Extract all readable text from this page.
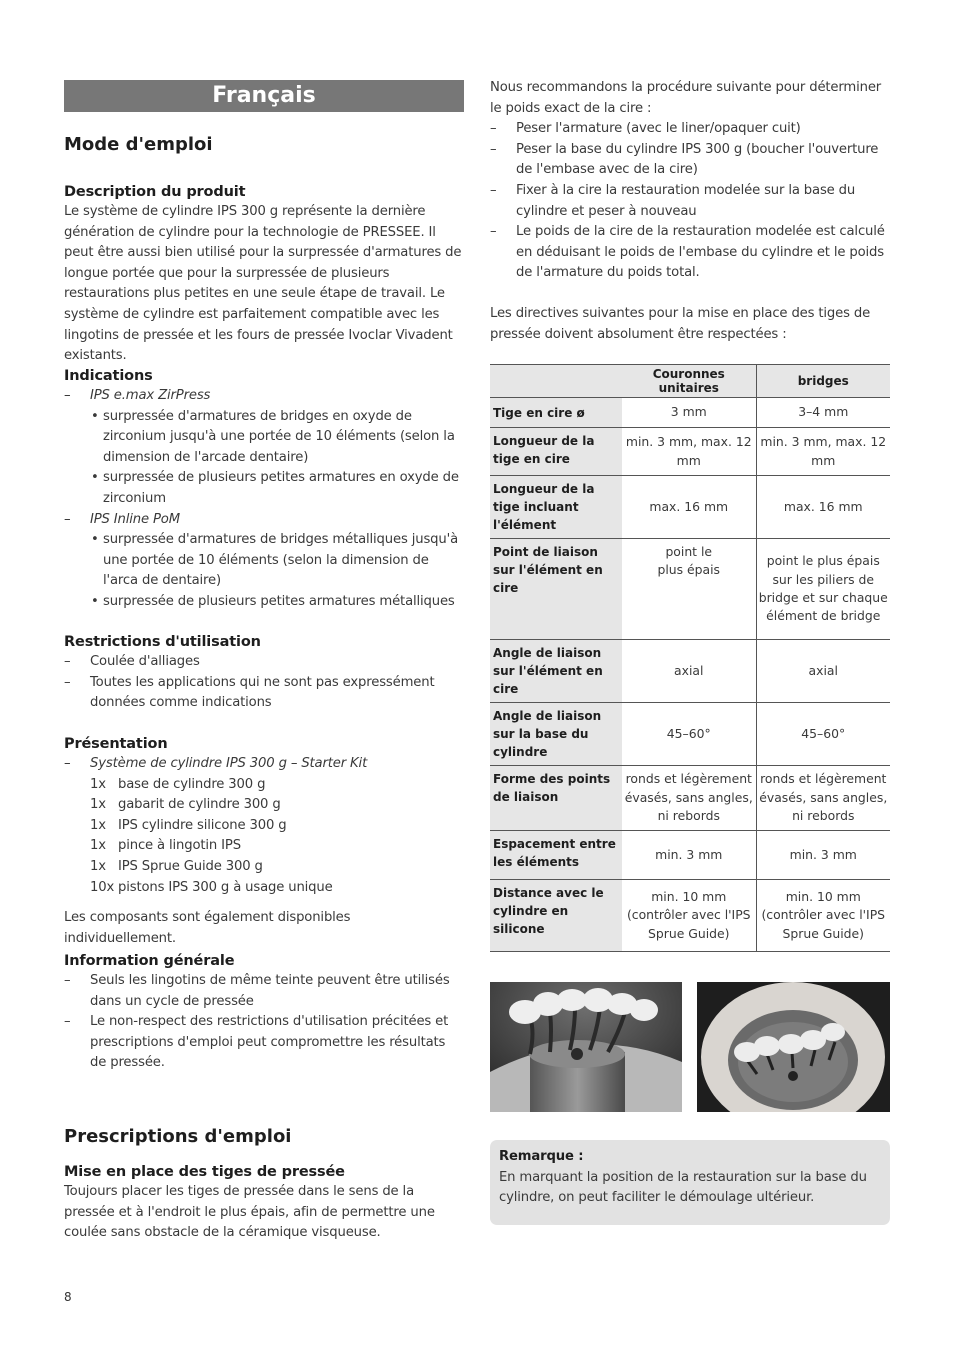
Français
Mode d'emploi
Description du produit

Le système de cylindre IPS 300 g représente la dernière génération de cylindre pour la technologie de PRESSEE. Il peut être aussi bien utilisé pour la surpressée d'armatures de longue portée que pour la surpressée de plusieurs restaurations plus petites en une seule étape de travail. Le système de cylindre est parfaitement compatible avec les lingotins de pressée et les fours de pressée Ivoclar Vivadent existants.

Indications
– IPS e.max ZirPress
• surpressée d'armatures de bridges en oxyde de zirconium jusqu'à une portée de 10 éléments (selon la dimension de l'arcade dentaire)
• surpressée de plusieurs petites armatures en oxyde de zirconium
– IPS Inline PoM
• surpressée d'armatures de bridges métalliques jusqu'à une portée de 10 éléments (selon la dimension de l'arca de dentaire)
• surpressée de plusieurs petites armatures métalliques
Restrictions d'utilisation
– Coulée d'alliages
– Toutes les applications qui ne sont pas expressément données comme indications
Présentation
– Système de cylindre IPS 300 g – Starter Kit
1x base de cylindre 300 g
1x gabarit de cylindre 300 g
1x IPS cylindre silicone 300 g
1x pince à lingotin IPS
1x IPS Sprue Guide 300 g
10x pistons IPS 300 g à usage unique

Les composants sont également disponibles individuellement.

Information générale
– Seuls les lingotins de même teinte peuvent être utilisés dans un cycle de pressée
– Le non-respect des restrictions d'utilisation précitées et prescriptions d'emploi peut compromettre les résultats de pressée.
Prescriptions d'emploi
Mise en place des tiges de pressée

Toujours placer les tiges de pressée dans le sens de la pressée et à l'endroit le plus épais, afin de permettre une coulée sans obstacle de la céramique visqueuse.

Nous recommandons la procédure suivante pour déterminer le poids exact de la cire :

– Peser l'armature (avec le liner/opaquer cuit)
– Peser la base du cylindre IPS 300 g (boucher l'ouverture de l'embase avec de la cire)
– Fixer à la cire la restauration modelée sur la base du cylindre et peser à nouveau
– Le poids de la cire de la restauration modelée est calculé en déduisant le poids de l'embase du cylindre et le poids de l'armature du poids total.

Les directives suivantes pour la mise en place des tiges de pressée doivent absolument être respectées :

	Couronnes unitaires	bridges
Tige en cire ø	3 mm	3–4 mm
Longueur de la tige en cire	min. 3 mm, max. 12 mm	min. 3 mm, max. 12 mm
Longueur de la tige incluant l'élément	max. 16 mm	max. 16 mm
Point de liaison sur l'élément en cire	point le plus épais	point le plus épais sur les piliers de bridge et sur chaque élément de bridge
Angle de liaison sur l'élément en cire	axial	axial
Angle de liaison sur la base du cylindre	45–60°	45–60°
Forme des points de liaison	ronds et légèrement évasés, sans angles, ni rebords	ronds et légèrement évasés, sans angles, ni rebords
Espacement entre les éléments	min. 3 mm	min. 3 mm
Distance avec le cylindre en silicone	min. 10 mm (contrôler avec l'IPS Sprue Guide)	min. 10 mm (contrôler avec l'IPS Sprue Guide)
Remarque :

En marquant la position de la restauration sur la base du cylindre, on peut faciliter le démoulage ultérieur.

8
